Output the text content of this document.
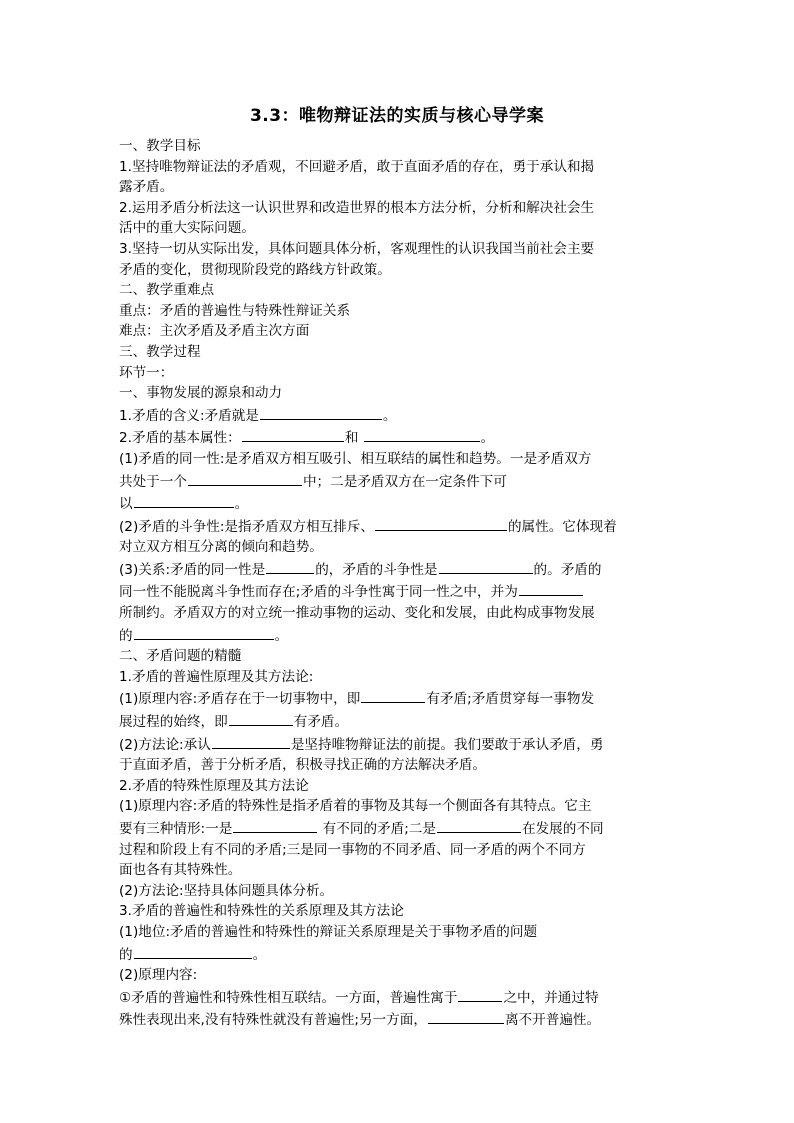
3.3：唯物辩证法的实质与核心导学案
一、教学目标
1.坚持唯物辩证法的矛盾观，不回避矛盾，敢于直面矛盾的存在，勇于承认和揭
露矛盾。
2.运用矛盾分析法这一认识世界和改造世界的根本方法分析，分析和解决社会生
活中的重大实际问题。
3.坚持一切从实际出发，具体问题具体分析，客观理性的认识我国当前社会主要
矛盾的变化，贯彻现阶段党的路线方针政策。
二、教学重难点
重点：矛盾的普遍性与特殊性辩证关系
难点：主次矛盾及矛盾主次方面
三、教学过程
环节一：
一、事物发展的源泉和动力
1.矛盾的含义:矛盾就是	。
2.矛盾的基本属性：	和	。
(1)矛盾的同一性:是矛盾双方相互吸引、相互联结的属性和趋势。一是矛盾双方
共处于一个	中；二是矛盾双方在一定条件下可
以	。
(2)矛盾的斗争性:是指矛盾双方相互排斥、	的属性。它体现着
对立双方相互分离的倾向和趋势。
(3)关系:矛盾的同一性是	的，矛盾的斗争性是	的。矛盾的
同一性不能脱离斗争性而存在;矛盾的斗争性寓于同一性之中，并为
所制约。矛盾双方的对立统一推动事物的运动、变化和发展，由此构成事物发展
的	。
二、矛盾问题的精髓
1.矛盾的普遍性原理及其方法论:
(1)原理内容:矛盾存在于一切事物中，即	有矛盾;矛盾贯穿每一事物发
展过程的始终，即	有矛盾。
(2)方法论:承认	是坚持唯物辩证法的前提。我们要敢于承认矛盾，勇
于直面矛盾，善于分析矛盾，积极寻找正确的方法解决矛盾。
2.矛盾的特殊性原理及其方法论
(1)原理内容:矛盾的特殊性是指矛盾着的事物及其每一个侧面各有其特点。它主
要有三种情形:一是	有不同的矛盾;二是	在发展的不同
过程和阶段上有不同的矛盾;三是同一事物的不同矛盾、同一矛盾的两个不同方
面也各有其特殊性。
(2)方法论:坚持具体问题具体分析。
3.矛盾的普遍性和特殊性的关系原理及其方法论
(1)地位:矛盾的普遍性和特殊性的辩证关系原理是关于事物矛盾的问题
的	。
(2)原理内容:
①矛盾的普遍性和特殊性相互联结。一方面，普遍性寓于	之中，并通过特
殊性表现出来,没有特殊性就没有普遍性;另一方面，	离不开普遍性。
